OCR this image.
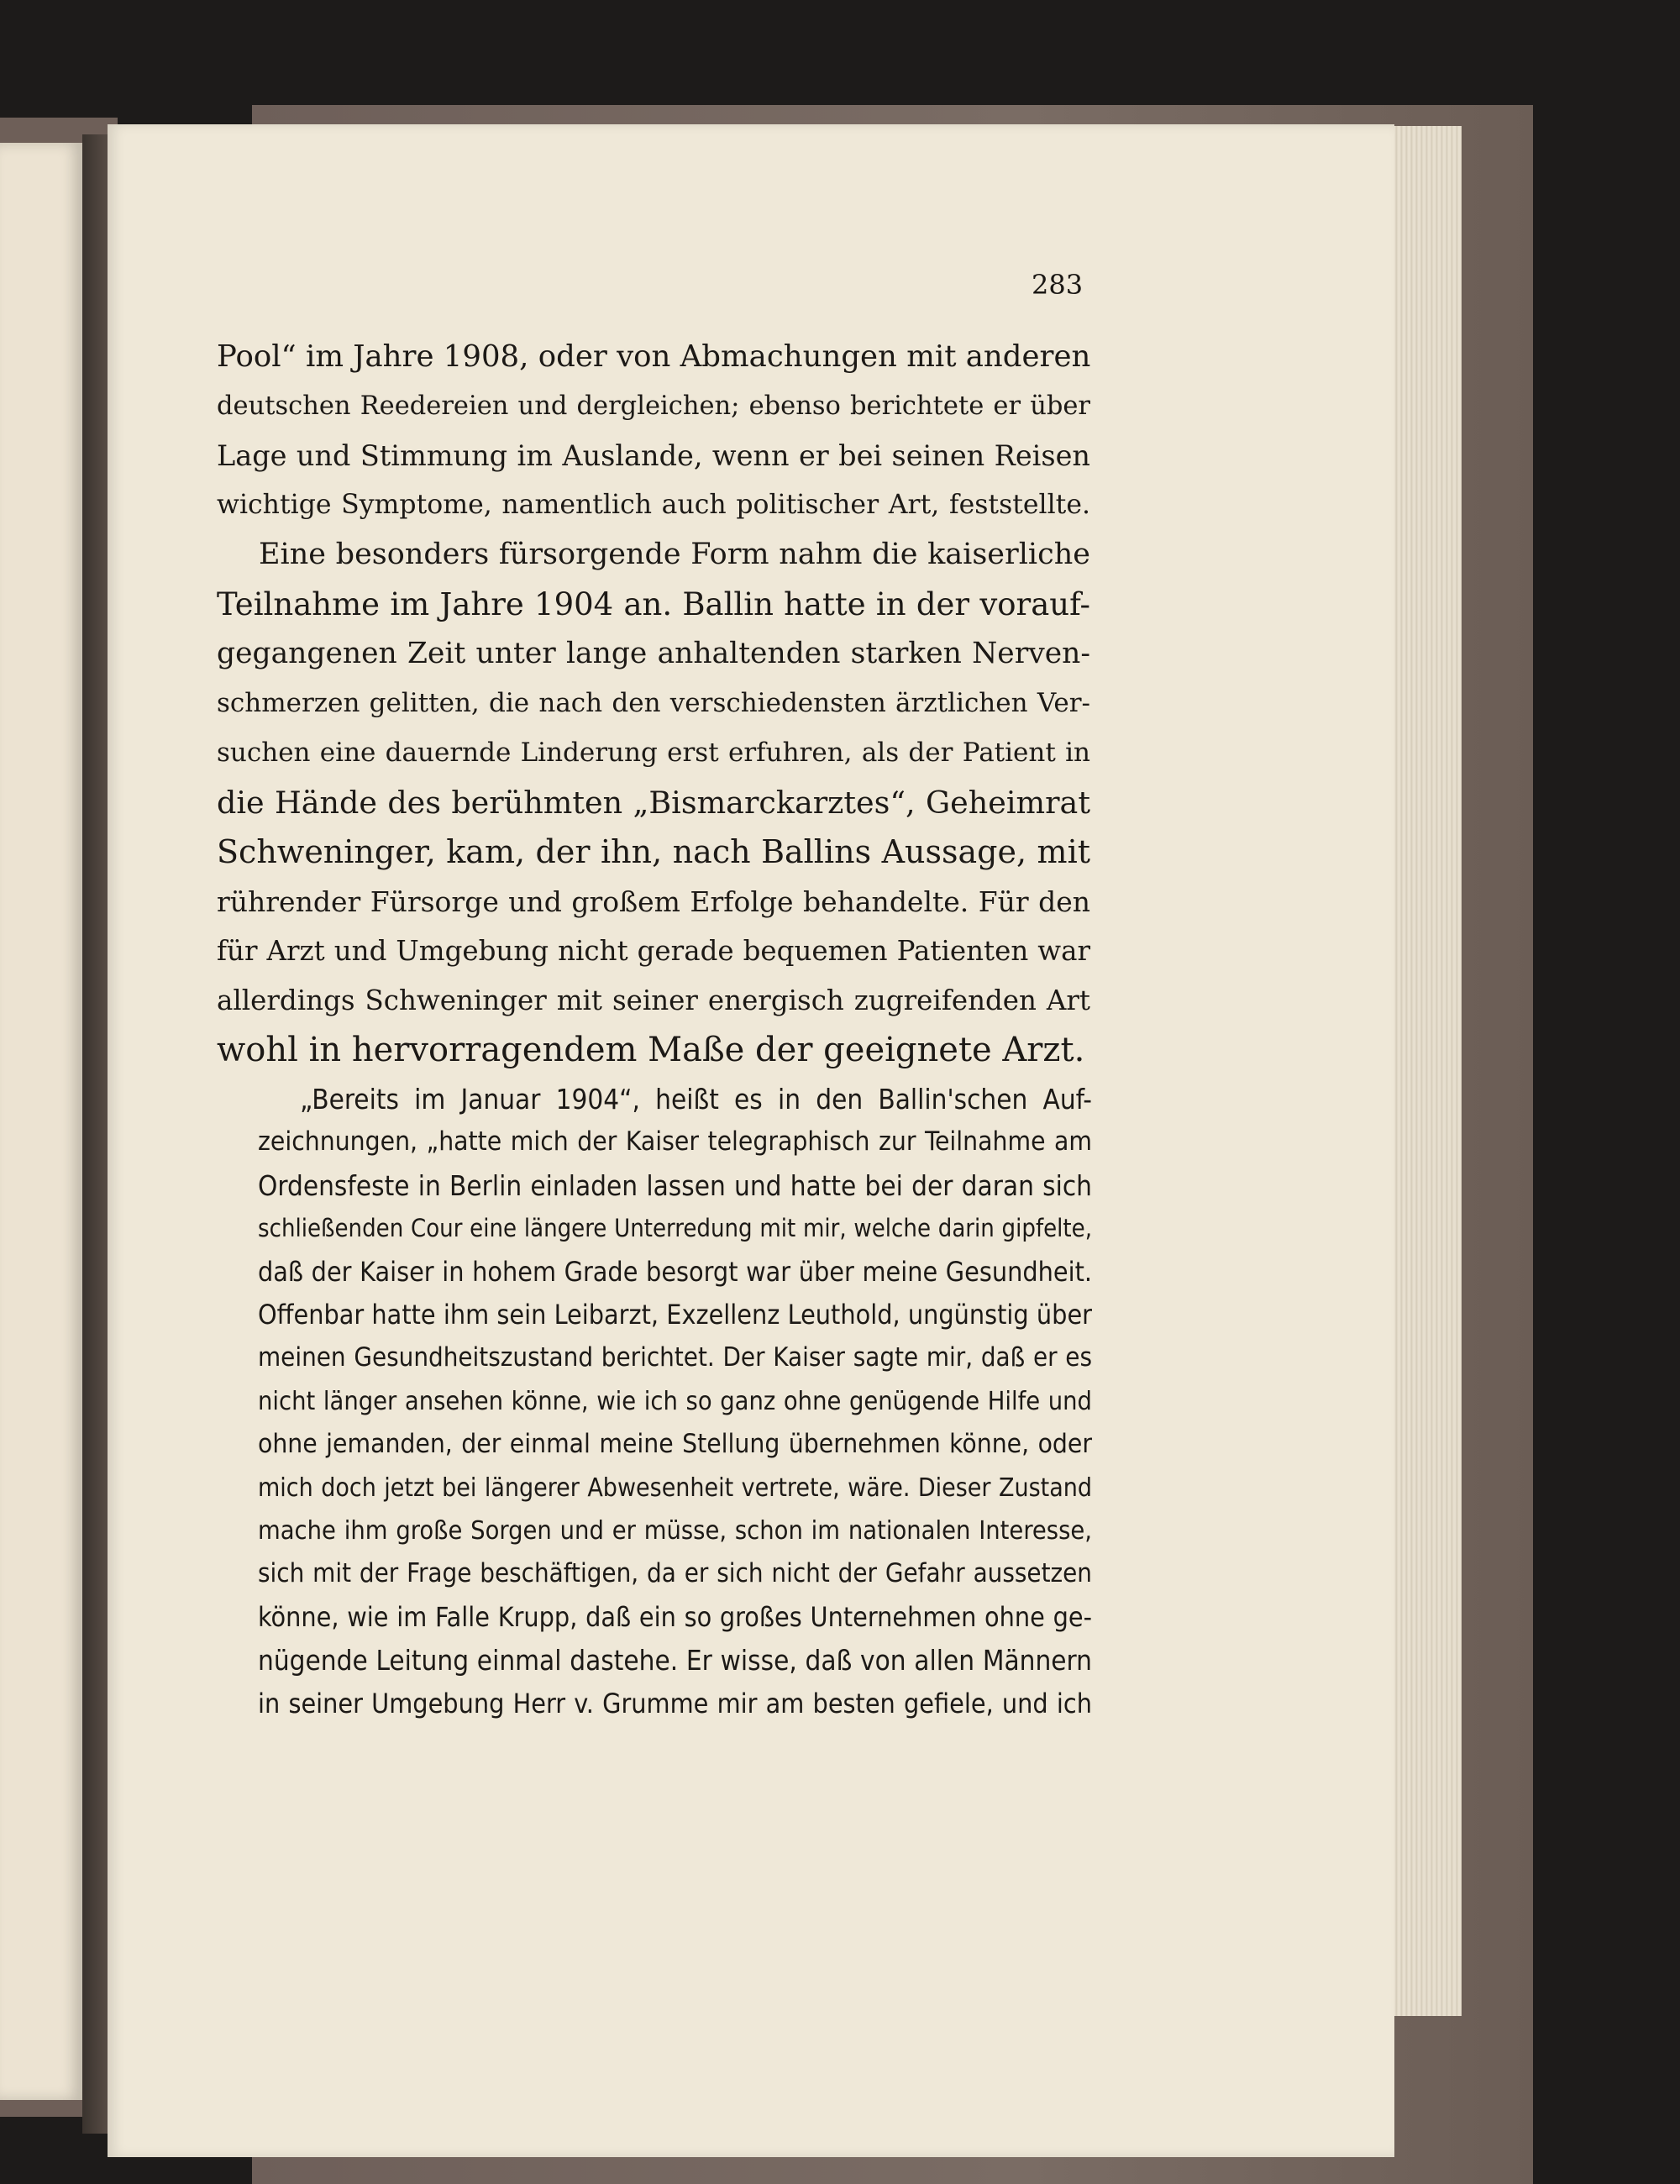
283
Pool“ im Jahre 1908, oder von Abmachungen mit anderen
deutschen Reedereien und dergleichen; ebenso berichtete er über
Lage und Stimmung im Auslande, wenn er bei seinen Reisen
wichtige Symptome, namentlich auch politischer Art, feststellte.
Eine besonders fürsorgende Form nahm die kaiserliche
Teilnahme im Jahre 1904 an. Ballin hatte in der vorauf-
gegangenen Zeit unter lange anhaltenden starken Nerven-
schmerzen gelitten, die nach den verschiedensten ärztlichen Ver-
suchen eine dauernde Linderung erst erfuhren, als der Patient in
die Hände des berühmten „Bismarckarztes“, Geheimrat
Schweninger, kam, der ihn, nach Ballins Aussage, mit
rührender Fürsorge und großem Erfolge behandelte. Für den
für Arzt und Umgebung nicht gerade bequemen Patienten war
allerdings Schweninger mit seiner energisch zugreifenden Art
wohl in hervorragendem Maße der geeignete Arzt.
„Bereits im Januar 1904“, heißt es in den Ballin'schen Auf-
zeichnungen, „hatte mich der Kaiser telegraphisch zur Teilnahme am
Ordensfeste in Berlin einladen lassen und hatte bei der daran sich
schließenden Cour eine längere Unterredung mit mir, welche darin gipfelte,
daß der Kaiser in hohem Grade besorgt war über meine Gesundheit.
Offenbar hatte ihm sein Leibarzt, Exzellenz Leuthold, ungünstig über
meinen Gesundheitszustand berichtet. Der Kaiser sagte mir, daß er es
nicht länger ansehen könne, wie ich so ganz ohne genügende Hilfe und
ohne jemanden, der einmal meine Stellung übernehmen könne, oder
mich doch jetzt bei längerer Abwesenheit vertrete, wäre. Dieser Zustand
mache ihm große Sorgen und er müsse, schon im nationalen Interesse,
sich mit der Frage beschäftigen, da er sich nicht der Gefahr aussetzen
könne, wie im Falle Krupp, daß ein so großes Unternehmen ohne ge-
nügende Leitung einmal dastehe. Er wisse, daß von allen Männern
in seiner Umgebung Herr v. Grumme mir am besten gefiele, und ich
